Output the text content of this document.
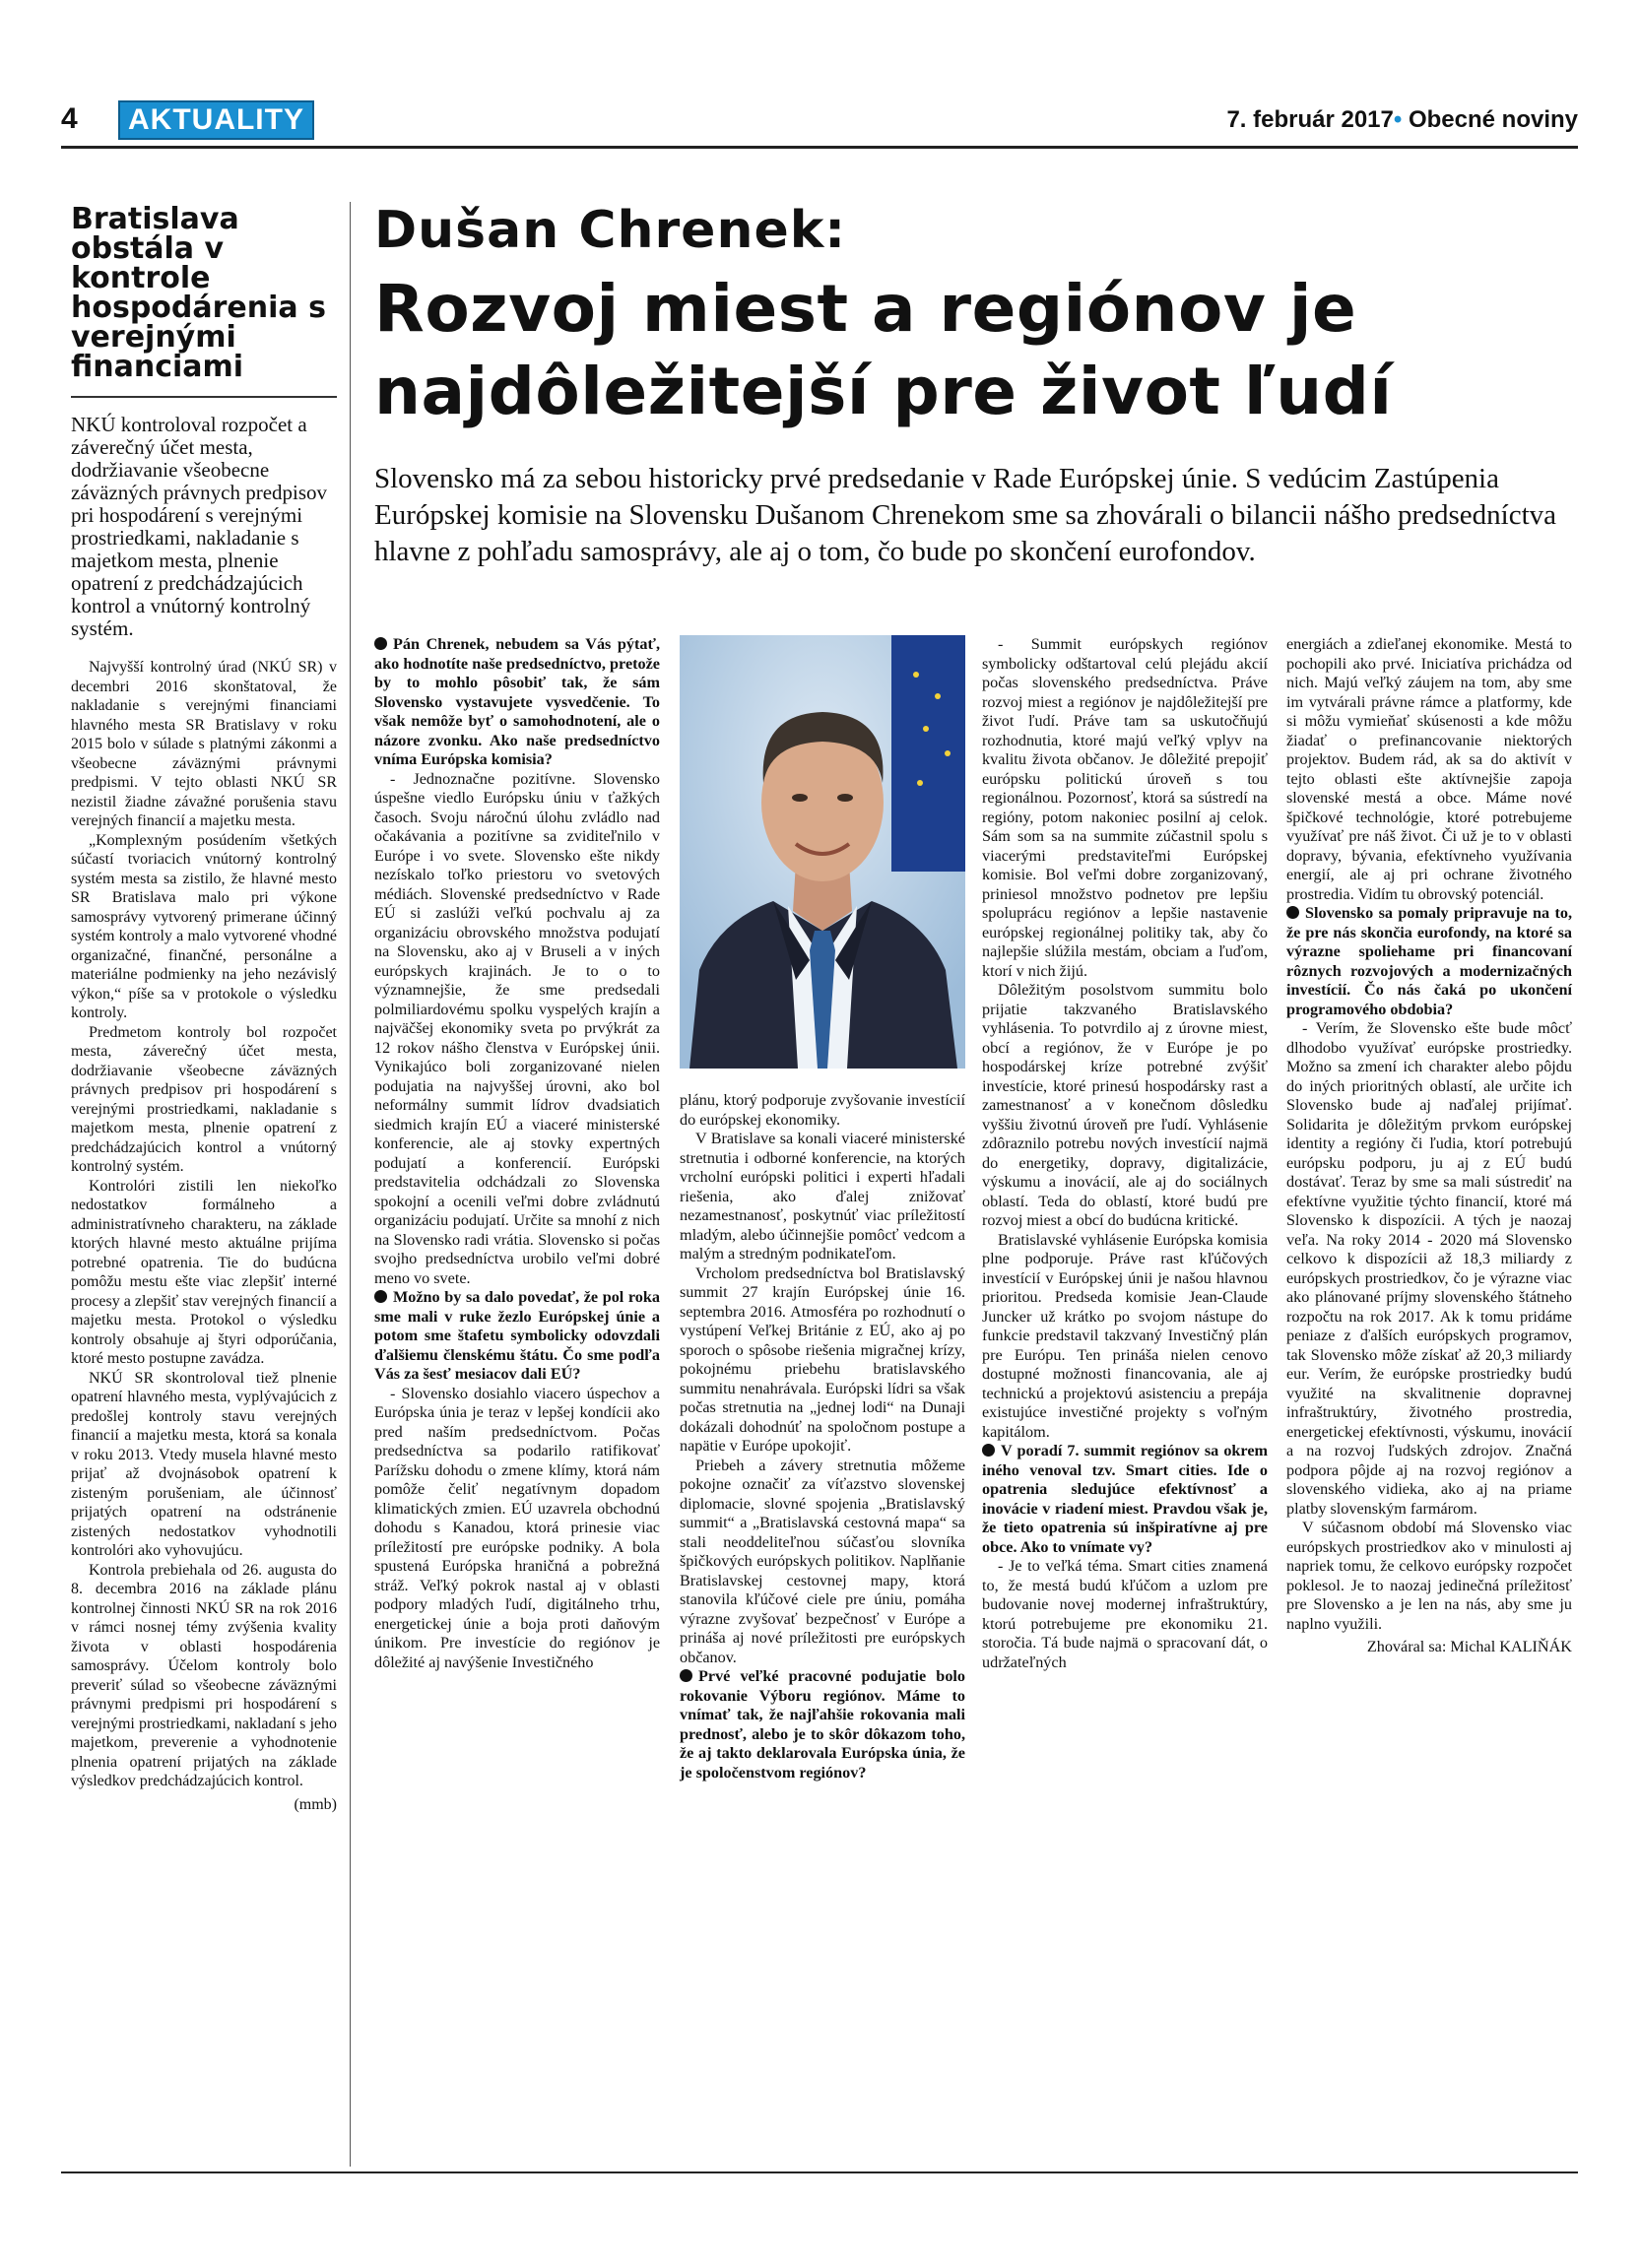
4	AKTUALITY	7. február 2017• Obecné noviny
Bratislava obstála v kontrole hospodárenia s verejnými financiami

NKÚ kontroloval rozpočet a záverečný účet mesta, dodržiavanie všeobecne záväzných právnych predpisov pri hospodárení s verejnými prostriedkami, nakladanie s majetkom mesta, plnenie opatrení z predchádzajúcich kontrol a vnútorný kontrolný systém.

Najvyšší kontrolný úrad (NKÚ SR) v decembri 2016 skonštatoval, že nakladanie s verejnými financiami hlavného mesta SR Bratislavy v roku 2015 bolo v súlade s platnými zákonmi a všeobecne záväznými právnymi predpismi. V tejto oblasti NKÚ SR nezistil žiadne závažné porušenia stavu verejných financií a majetku mesta.

„Komplexným posúdením všetkých súčastí tvoriacich vnútorný kontrolný systém mesta sa zistilo, že hlavné mesto SR Bratislava malo pri výkone samosprávy vytvorený primerane účinný systém kontroly a malo vytvorené vhodné organizačné, finančné, personálne a materiálne podmienky na jeho nezávislý výkon,“ píše sa v protokole o výsledku kontroly.

Predmetom kontroly bol rozpočet mesta, záverečný účet mesta, dodržiavanie všeobecne záväzných právnych predpisov pri hospodárení s verejnými prostriedkami, nakladanie s majetkom mesta, plnenie opatrení z predchádzajúcich kontrol a vnútorný kontrolný systém.

Kontrolóri zistili len niekoľko nedostatkov formálneho a administratívneho charakteru, na základe ktorých hlavné mesto aktuálne prijíma potrebné opatrenia. Tie do budúcna pomôžu mestu ešte viac zlepšiť interné procesy a zlepšiť stav verejných financií a majetku mesta. Protokol o výsledku kontroly obsahuje aj štyri odporúčania, ktoré mesto postupne zavádza.

NKÚ SR skontroloval tiež plnenie opatrení hlavného mesta, vyplývajúcich z predošlej kontroly stavu verejných financií a majetku mesta, ktorá sa konala v roku 2013. Vtedy musela hlavné mesto prijať až dvojnásobok opatrení k zisteným porušeniam, ale účinnosť prijatých opatrení na odstránenie zistených nedostatkov vyhodnotili kontrolóri ako vyhovujúcu.

Kontrola prebiehala od 26. augusta do 8. decembra 2016 na základe plánu kontrolnej činnosti NKÚ SR na rok 2016 v rámci nosnej témy zvýšenia kvality života v oblasti hospodárenia samosprávy. Účelom kontroly bolo preveriť súlad so všeobecne záväznými právnymi predpismi pri hospodárení s verejnými prostriedkami, nakladaní s jeho majetkom, preverenie a vyhodnotenie plnenia opatrení prijatých na základe výsledkov predchádzajúcich kontrol.

(mmb)

Dušan Chrenek:
Rozvoj miest a regiónov je
najdôležitejší pre život ľudí

Slovensko má za sebou historicky prvé predsedanie v Rade Európskej únie. S vedúcim Zastúpenia Európskej komisie na Slovensku Dušanom Chrenekom sme sa zhovárali o bilancii nášho predsedníctva hlavne z pohľadu samosprávy, ale aj o tom, čo bude po skončení eurofondov.

Pán Chrenek, nebudem sa Vás pýtať, ako hodnotíte naše predsedníctvo, pretože by to mohlo pôsobiť tak, že sám Slovensko vystavujete vysvedčenie. To však nemôže byť o samohodnotení, ale o názore zvonku. Ako naše predsedníctvo vníma Európska komisia?

- Jednoznačne pozitívne. Slovensko úspešne viedlo Európsku úniu v ťažkých časoch. Svoju náročnú úlohu zvládlo nad očakávania a pozitívne sa zviditeľnilo v Európe i vo svete. Slovensko ešte nikdy nezískalo toľko priestoru vo svetových médiách. Slovenské predsedníctvo v Rade EÚ si zaslúži veľkú pochvalu aj za organizáciu obrovského množstva podujatí na Slovensku, ako aj v Bruseli a v iných európskych krajinách. Je to o to významnejšie, že sme predsedali polmiliardovému spolku vyspelých krajín a najväčšej ekonomiky sveta po prvýkrát za 12 rokov nášho členstva v Európskej únii. Vynikajúco boli zorganizované nielen podujatia na najvyššej úrovni, ako bol neformálny summit lídrov dvadsiatich siedmich krajín EÚ a viaceré ministerské konferencie, ale aj stovky expertných podujatí a konferencií. Európski predstavitelia odchádzali zo Slovenska spokojní a ocenili veľmi dobre zvládnutú organizáciu podujatí. Určite sa mnohí z nich na Slovensko radi vrátia. Slovensko si počas svojho predsedníctva urobilo veľmi dobré meno vo svete.

Možno by sa dalo povedať, že pol roka sme mali v ruke žezlo Európskej únie a potom sme štafetu symbolicky odovzdali ďalšiemu členskému štátu. Čo sme podľa Vás za šesť mesiacov dali EÚ?

- Slovensko dosiahlo viacero úspechov a Európska únia je teraz v lepšej kondícii ako pred naším predsedníctvom. Počas predsedníctva sa podarilo ratifikovať Parížsku dohodu o zmene klímy, ktorá nám pomôže čeliť negatívnym dopadom klimatických zmien. EÚ uzavrela obchodnú dohodu s Kanadou, ktorá prinesie viac príležitostí pre európske podniky. A bola spustená Európska hraničná a pobrežná stráž. Veľký pokrok nastal aj v oblasti podpory mladých ľudí, digitálneho trhu, energetickej únie a boja proti daňovým únikom. Pre investície do regiónov je dôležité aj navýšenie Investičného

plánu, ktorý podporuje zvyšovanie investícií do európskej ekonomiky.

V Bratislave sa konali viaceré ministerské stretnutia i odborné konferencie, na ktorých vrcholní európski politici i experti hľadali riešenia, ako ďalej znižovať nezamestnanosť, poskytnúť viac príležitostí mladým, alebo účinnejšie pomôcť vedcom a malým a stredným podnikateľom.

Vrcholom predsedníctva bol Bratislavský summit 27 krajín Európskej únie 16. septembra 2016. Atmosféra po rozhodnutí o vystúpení Veľkej Británie z EÚ, ako aj po sporoch o spôsobe riešenia migračnej krízy, pokojnému priebehu bratislavského summitu nenahrávala. Európski lídri sa však počas stretnutia na „jednej lodi“ na Dunaji dokázali dohodnúť na spoločnom postupe a napätie v Európe upokojiť.

Priebeh a závery stretnutia môžeme pokojne označiť za víťazstvo slovenskej diplomacie, slovné spojenia „Bratislavský summit“ a „Bratislavská cestovná mapa“ sa stali neoddeliteľnou súčasťou slovníka špičkových európskych politikov. Naplňanie Bratislavskej cestovnej mapy, ktorá stanovila kľúčové ciele pre úniu, pomáha výrazne zvyšovať bezpečnosť v Európe a prináša aj nové príležitosti pre európskych občanov.

Prvé veľké pracovné podujatie bolo rokovanie Výboru regiónov. Máme to vnímať tak, že najľahšie rokovania mali prednosť, alebo je to skôr dôkazom toho, že aj takto deklarovala Európska únia, že je spoločenstvom regiónov?

- Summit európskych regiónov symbolicky odštartoval celú plejádu akcií počas slovenského predsedníctva. Práve rozvoj miest a regiónov je najdôležitejší pre život ľudí. Práve tam sa uskutočňujú rozhodnutia, ktoré majú veľký vplyv na kvalitu života občanov. Je dôležité prepojiť európsku politickú úroveň s tou regionálnou. Pozornosť, ktorá sa sústredí na regióny, potom nakoniec posilní aj celok. Sám som sa na summite zúčastnil spolu s viacerými predstaviteľmi Európskej komisie. Bol veľmi dobre zorganizovaný, priniesol množstvo podnetov pre lepšiu spoluprácu regiónov a lepšie nastavenie európskej regionálnej politiky tak, aby čo najlepšie slúžila mestám, obciam a ľuďom, ktorí v nich žijú.

Dôležitým posolstvom summitu bolo prijatie takzvaného Bratislavského vyhlásenia. To potvrdilo aj z úrovne miest, obcí a regiónov, že v Európe je po hospodárskej kríze potrebné zvýšiť investície, ktoré prinesú hospodársky rast a zamestnanosť a v konečnom dôsledku vyššiu životnú úroveň pre ľudí. Vyhlásenie zdôraznilo potrebu nových investícií najmä do energetiky, dopravy, digitalizácie, výskumu a inovácií, ale aj do sociálnych oblastí. Teda do oblastí, ktoré budú pre rozvoj miest a obcí do budúcna kritické.

Bratislavské vyhlásenie Európska komisia plne podporuje. Práve rast kľúčových investícií v Európskej únii je našou hlavnou prioritou. Predseda komisie Jean-Claude Juncker už krátko po svojom nástupe do funkcie predstavil takzvaný Investičný plán pre Európu. Ten prináša nielen cenovo dostupné možnosti financovania, ale aj technickú a projektovú asistenciu a prepája existujúce investičné projekty s voľným kapitálom.

V poradí 7. summit regiónov sa okrem iného venoval tzv. Smart cities. Ide o opatrenia sledujúce efektívnosť a inovácie v riadení miest. Pravdou však je, že tieto opatrenia sú inšpiratívne aj pre obce. Ako to vnímate vy?

- Je to veľká téma. Smart cities znamená to, že mestá budú kľúčom a uzlom pre budovanie novej modernej infraštruktúry, ktorú potrebujeme pre ekonomiku 21. storočia. Tá bude najmä o spracovaní dát, o udržateľných

energiách a zdieľanej ekonomike. Mestá to pochopili ako prvé. Iniciatíva prichádza od nich. Majú veľký záujem na tom, aby sme im vytvárali právne rámce a platformy, kde si môžu vymieňať skúsenosti a kde môžu žiadať o prefinancovanie niektorých projektov. Budem rád, ak sa do aktivít v tejto oblasti ešte aktívnejšie zapoja slovenské mestá a obce. Máme nové špičkové technológie, ktoré potrebujeme využívať pre náš život. Či už je to v oblasti dopravy, bývania, efektívneho využívania energií, ale aj pri ochrane životného prostredia. Vidím tu obrovský potenciál.

Slovensko sa pomaly pripravuje na to, že pre nás skončia eurofondy, na ktoré sa výrazne spoliehame pri financovaní rôznych rozvojových a modernizačných investícií. Čo nás čaká po ukončení programového obdobia?

- Verím, že Slovensko ešte bude môcť dlhodobo využívať európske prostriedky. Možno sa zmení ich charakter alebo pôjdu do iných prioritných oblastí, ale určite ich Slovensko bude aj naďalej prijímať. Solidarita je dôležitým prvkom európskej identity a regióny či ľudia, ktorí potrebujú európsku podporu, ju aj z EÚ budú dostávať. Teraz by sme sa mali sústrediť na efektívne využitie týchto financií, ktoré má Slovensko k dispozícii. A tých je naozaj veľa. Na roky 2014 - 2020 má Slovensko celkovo k dispozícii až 18,3 miliardy z európskych prostriedkov, čo je výrazne viac ako plánované príjmy slovenského štátneho rozpočtu na rok 2017. Ak k tomu pridáme peniaze z ďalších európskych programov, tak Slovensko môže získať až 20,3 miliardy eur. Verím, že európske prostriedky budú využité na skvalitnenie dopravnej infraštruktúry, životného prostredia, energetickej efektívnosti, výskumu, inovácií a na rozvoj ľudských zdrojov. Značná podpora pôjde aj na rozvoj regiónov a slovenského vidieka, ako aj na priame platby slovenským farmárom.

V súčasnom období má Slovensko viac európskych prostriedkov ako v minulosti aj napriek tomu, že celkovo európsky rozpočet poklesol. Je to naozaj jedinečná príležitosť pre Slovensko a je len na nás, aby sme ju naplno využili.

Zhováral sa: Michal KALIŇÁK
